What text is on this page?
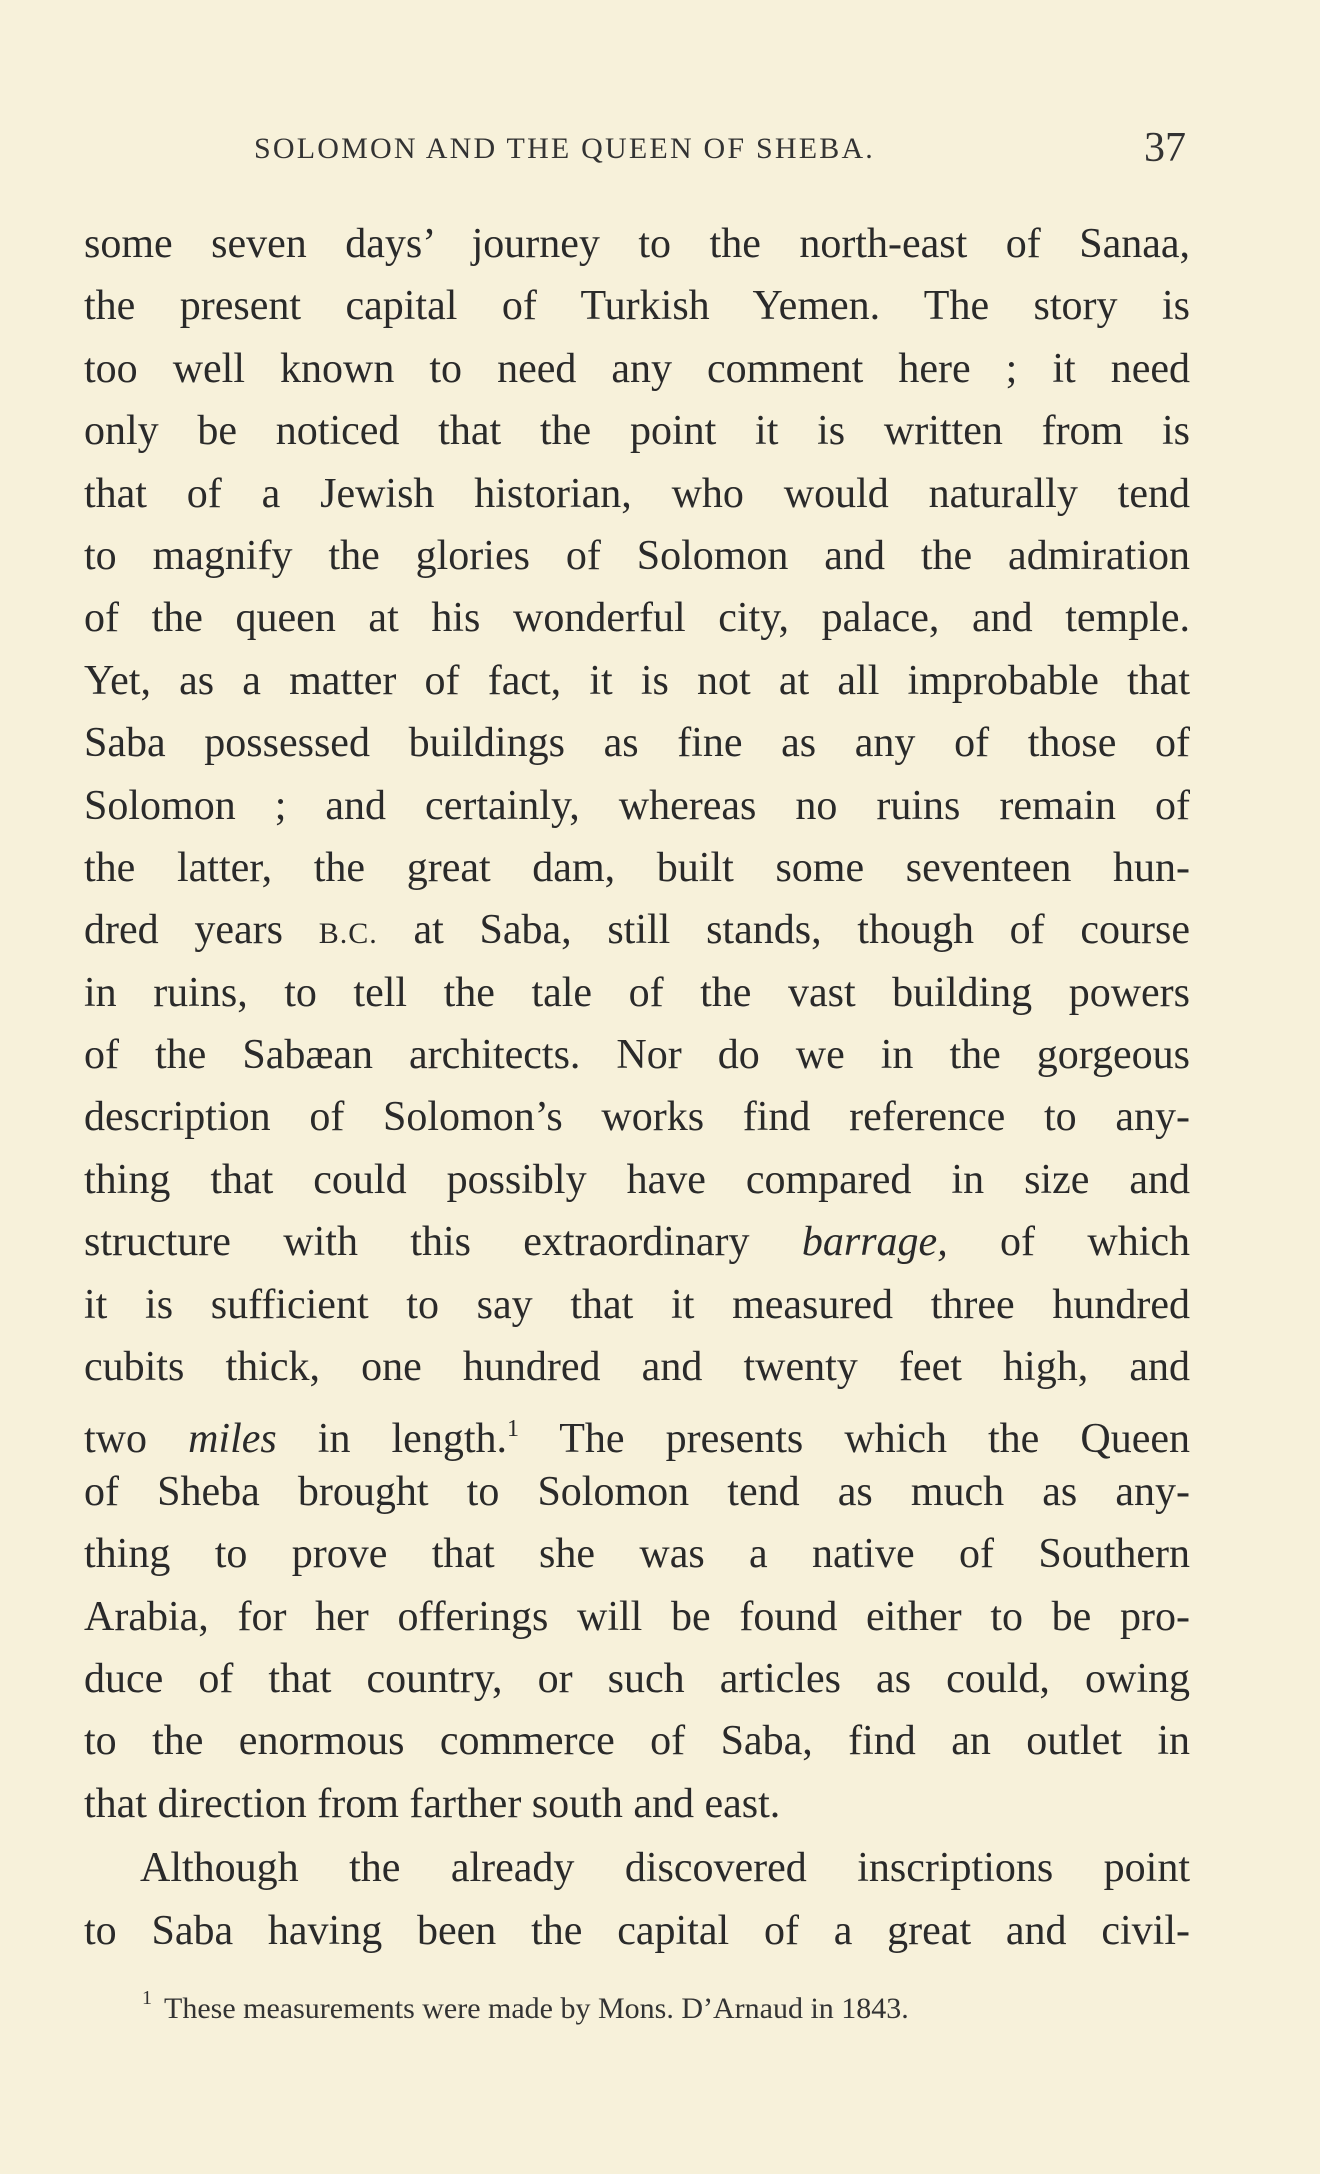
SOLOMON AND THE QUEEN OF SHEBA.	37
some seven days’ journey to the north-east of Sanaa,
the present capital of Turkish Yemen. The story is
too well known to need any comment here ; it need
only be noticed that the point it is written from is
that of a Jewish historian, who would naturally tend
to magnify the glories of Solomon and the admiration
of the queen at his wonderful city, palace, and temple.
Yet, as a matter of fact, it is not at all improbable that
Saba possessed buildings as fine as any of those of
Solomon ; and certainly, whereas no ruins remain of
the latter, the great dam, built some seventeen hun-
dred years B.C. at Saba, still stands, though of course
in ruins, to tell the tale of the vast building powers
of the Sabæan architects. Nor do we in the gorgeous
description of Solomon’s works find reference to any-
thing that could possibly have compared in size and
structure with this extraordinary barrage, of which
it is sufficient to say that it measured three hundred
cubits thick, one hundred and twenty feet high, and
two miles in length.$^1$ The presents which the Queen
of Sheba brought to Solomon tend as much as any-
thing to prove that she was a native of Southern
Arabia, for her offerings will be found either to be pro-
duce of that country, or such articles as could, owing
to the enormous commerce of Saba, find an outlet in
that direction from farther south and east.
Although the already discovered inscriptions point
to Saba having been the capital of a great and civil-
$^1$ These measurements were made by Mons. D’Arnaud in 1843.
